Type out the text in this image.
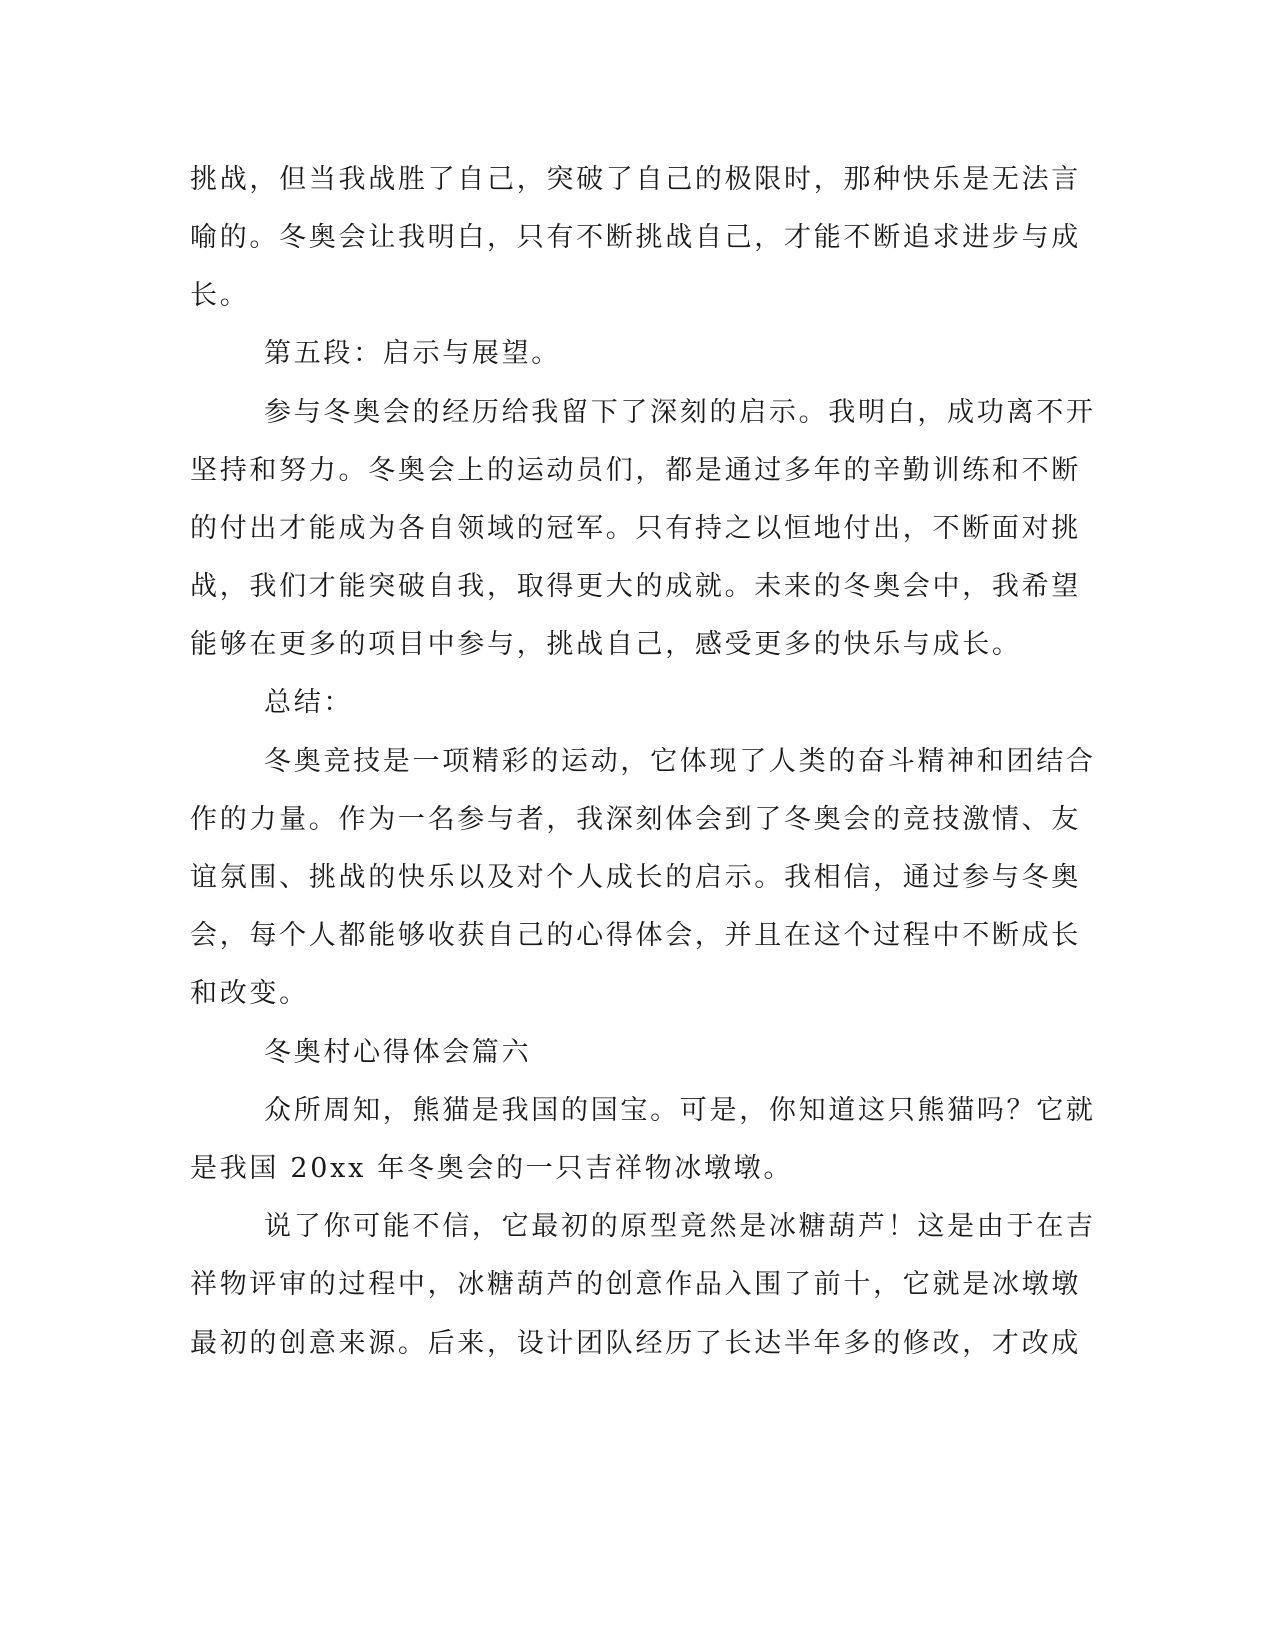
挑战，但当我战胜了自己，突破了自己的极限时，那种快乐是无法言

喻的。冬奥会让我明白，只有不断挑战自己，才能不断追求进步与成

长。

第五段：启示与展望。

参与冬奥会的经历给我留下了深刻的启示。我明白，成功离不开

坚持和努力。冬奥会上的运动员们，都是通过多年的辛勤训练和不断

的付出才能成为各自领域的冠军。只有持之以恒地付出，不断面对挑

战，我们才能突破自我，取得更大的成就。未来的冬奥会中，我希望

能够在更多的项目中参与，挑战自己，感受更多的快乐与成长。

总结：

冬奥竞技是一项精彩的运动，它体现了人类的奋斗精神和团结合

作的力量。作为一名参与者，我深刻体会到了冬奥会的竞技激情、友

谊氛围、挑战的快乐以及对个人成长的启示。我相信，通过参与冬奥

会，每个人都能够收获自己的心得体会，并且在这个过程中不断成长

和改变。

冬奥村心得体会篇六

众所周知，熊猫是我国的国宝。可是，你知道这只熊猫吗？它就

是我国 20xx 年冬奥会的一只吉祥物冰墩墩。

说了你可能不信，它最初的原型竟然是冰糖葫芦！这是由于在吉

祥物评审的过程中，冰糖葫芦的创意作品入围了前十，它就是冰墩墩

最初的创意来源。后来，设计团队经历了长达半年多的修改，才改成
